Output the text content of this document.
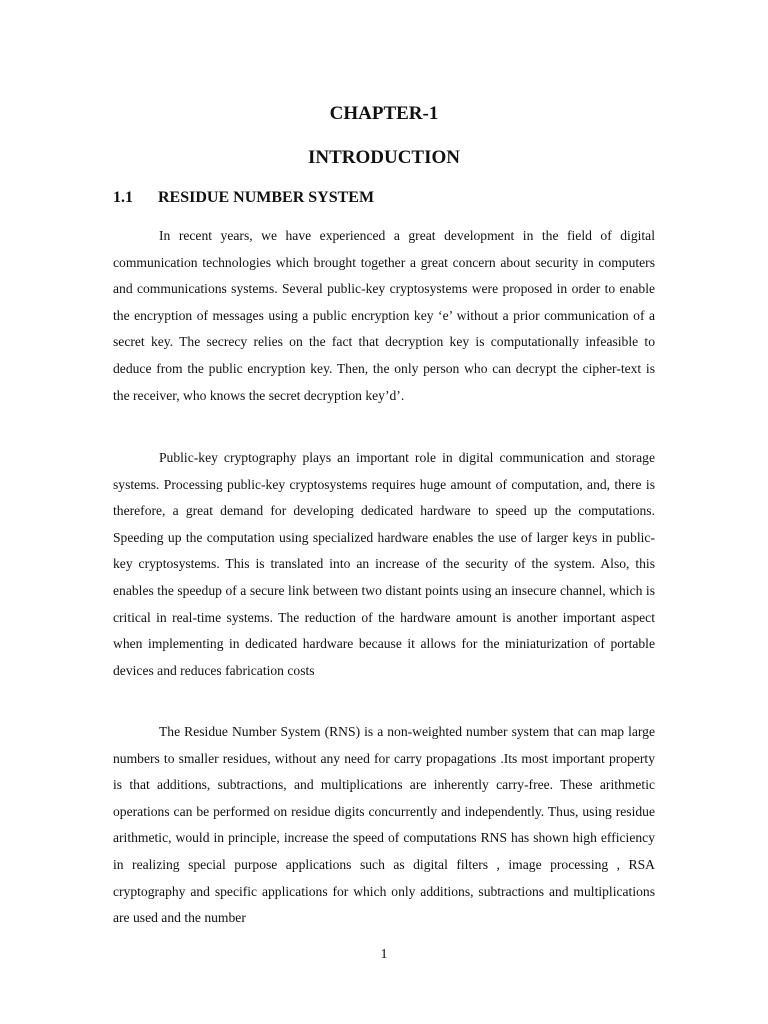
CHAPTER-1
INTRODUCTION
1.1 RESIDUE NUMBER SYSTEM

In recent years, we have experienced a great development in the field of digital communication technologies which brought together a great concern about security in computers and communications systems. Several public-key cryptosystems were proposed in order to enable the encryption of messages using a public encryption key ‘e’ without a prior communication of a secret key. The secrecy relies on the fact that decryption key is computationally infeasible to deduce from the public encryption key. Then, the only person who can decrypt the cipher-text is the receiver, who knows the secret decryption key’d’.

Public-key cryptography plays an important role in digital communication and storage systems. Processing public-key cryptosystems requires huge amount of computation, and, there is therefore, a great demand for developing dedicated hardware to speed up the computations. Speeding up the computation using specialized hardware enables the use of larger keys in public-key cryptosystems. This is translated into an increase of the security of the system. Also, this enables the speedup of a secure link between two distant points using an insecure channel, which is critical in real-time systems. The reduction of the hardware amount is another important aspect when implementing in dedicated hardware because it allows for the miniaturization of portable devices and reduces fabrication costs

The Residue Number System (RNS) is a non-weighted number system that can map large numbers to smaller residues, without any need for carry propagations .Its most important property is that additions, subtractions, and multiplications are inherently carry-free. These arithmetic operations can be performed on residue digits concurrently and independently. Thus, using residue arithmetic, would in principle, increase the speed of computations RNS has shown high efficiency in realizing special purpose applications such as digital filters , image processing , RSA cryptography and specific applications for which only additions, subtractions and multiplications are used and the number

1
